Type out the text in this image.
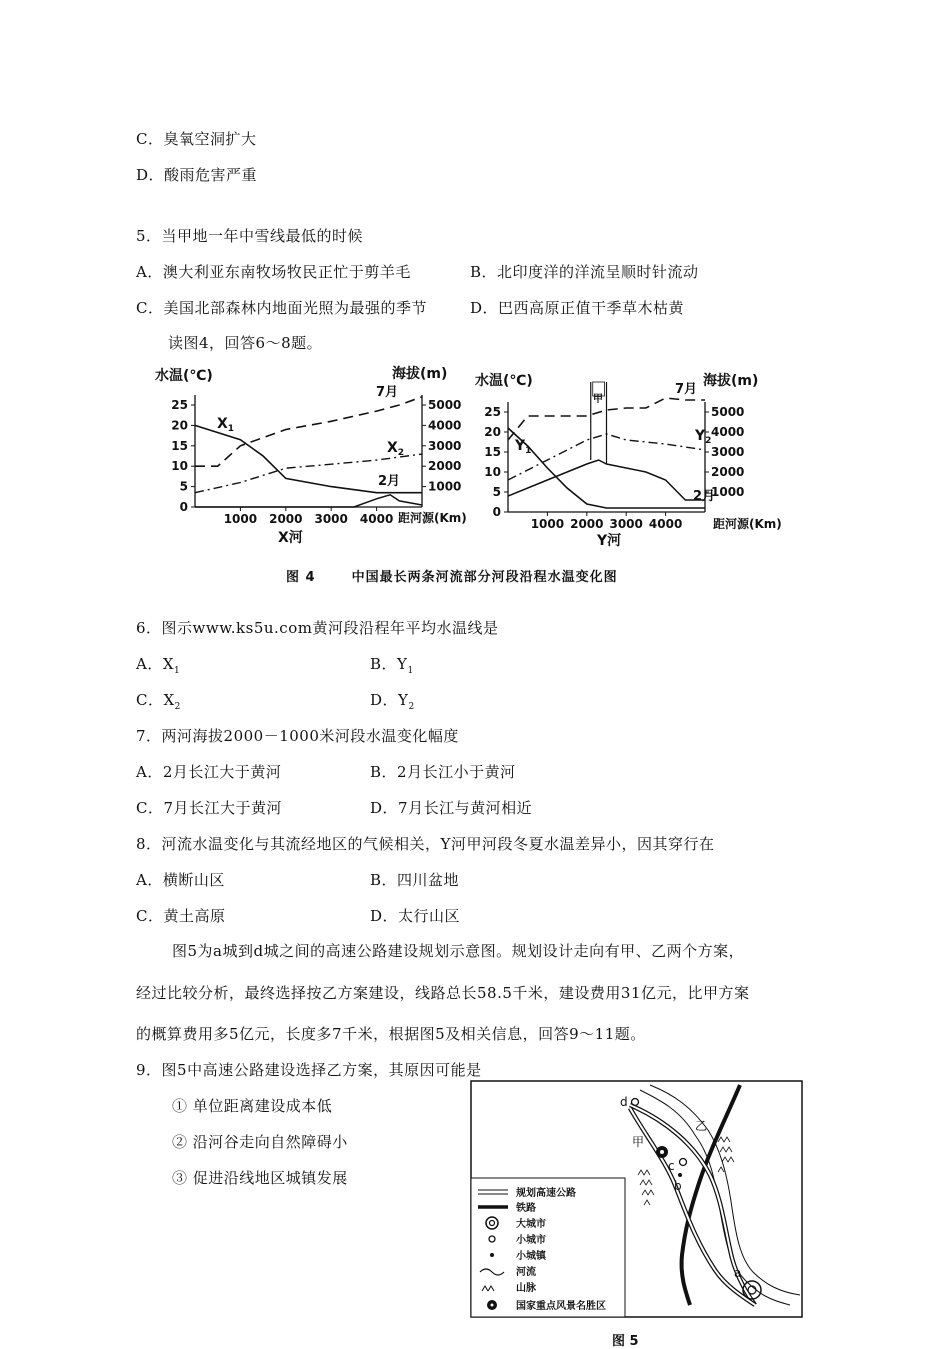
C．臭氧空洞扩大
D．酸雨危害严重
5．当甲地一年中雪线最低的时候
A．澳大利亚东南牧场牧民正忙于剪羊毛	B．北印度洋的洋流呈顺时针流动
C．美国北部森林内地面光照为最强的季节	D．巴西高原正值干季草木枯黄
读图4，回答6～8题。
水温(℃)	海拔(m)
距河源(Km)
X河
7月
2月
$X_1$
$X_2$
水温(℃)	海拔(m)
距河源(Km)
Y河
7月
2月
$Y_1$
$Y_2$
25
20
15
10
5
0
5000
4000
3000
2000
1000
1000 2000 3000 4000
25
20
15
10
5
0
5000
4000
3000
2000
1000
1000 2000 3000 4000
甲
图 4	中国最长两条河流部分河段沿程水温变化图
6．图示www.ks5u.com黄河段沿程年平均水温线是
A．$X_1$	B．$Y_1$
C．$X_2$	D．$Y_2$
7．两河海拔2000－1000米河段水温变化幅度
A．2月长江大于黄河	B．2月长江小于黄河
C．7月长江大于黄河	D．7月长江与黄河相近
8．河流水温变化与其流经地区的气候相关，Y河甲河段冬夏水温差异小，因其穿行在
A．横断山区	B．四川盆地
C．黄土高原	D．太行山区
图5为a城到d城之间的高速公路建设规划示意图。规划设计走向有甲、乙两个方案，
经过比较分析，最终选择按乙方案建设，线路总长58.5千米，建设费用31亿元，比甲方案
的概算费用多5亿元，长度多7千米，根据图5及相关信息，回答9～11题。
9．图5中高速公路建设选择乙方案，其原因可能是
① 单位距离建设成本低
② 沿河谷走向自然障碍小
③ 促进沿线地区城镇发展
规划高速公路
铁路
大城市
小城市
小城镇
河流
山脉
国家重点风景名胜区
d
c
b
a
甲
乙
图 5
